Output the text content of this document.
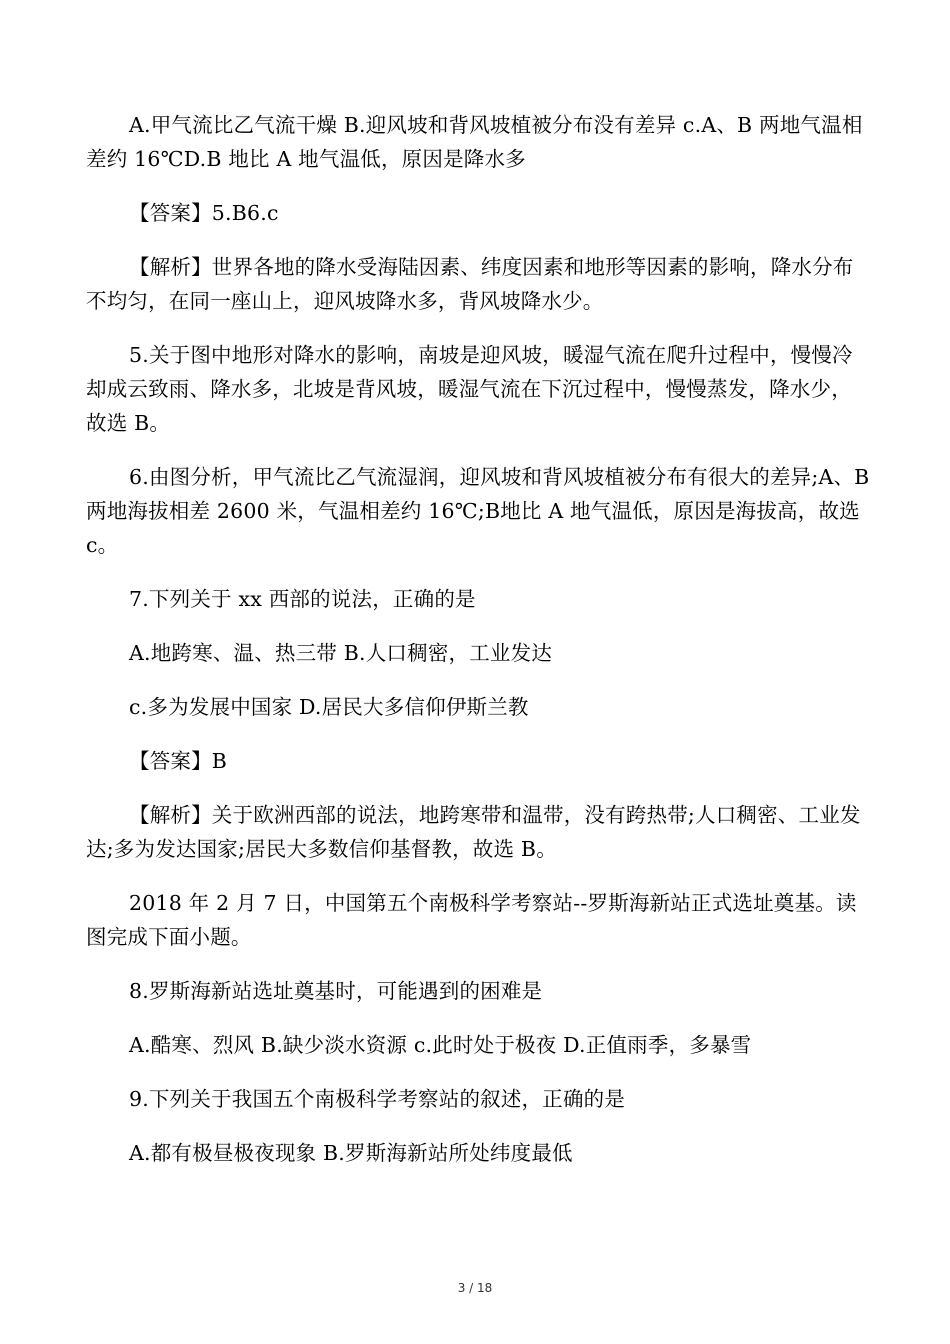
A.甲气流比乙气流干燥 B.迎风坡和背风坡植被分布没有差异 c.A、B 两地气温相差约 16℃D.B 地比 A 地气温低，原因是降水多

【答案】5.B6.c

【解析】世界各地的降水受海陆因素、纬度因素和地形等因素的影响，降水分布不均匀，在同一座山上，迎风坡降水多，背风坡降水少。

5.关于图中地形对降水的影响，南坡是迎风坡，暖湿气流在爬升过程中，慢慢冷却成云致雨、降水多，北坡是背风坡，暖湿气流在下沉过程中，慢慢蒸发，降水少，故选 B。

6.由图分析，甲气流比乙气流湿润，迎风坡和背风坡植被分布有很大的差异;A、B 两地海拔相差 2600 米，气温相差约 16℃;B地比 A 地气温低，原因是海拔高，故选 c。

7.下列关于 xx 西部的说法，正确的是

A.地跨寒、温、热三带 B.人口稠密，工业发达

c.多为发展中国家 D.居民大多信仰伊斯兰教

【答案】B

【解析】关于欧洲西部的说法，地跨寒带和温带，没有跨热带;人口稠密、工业发达;多为发达国家;居民大多数信仰基督教，故选 B。

2018 年 2 月 7 日，中国第五个南极科学考察站--罗斯海新站正式选址奠基。读图完成下面小题。

8.罗斯海新站选址奠基时，可能遇到的困难是

A.酷寒、烈风 B.缺少淡水资源 c.此时处于极夜 D.正值雨季，多暴雪

9.下列关于我国五个南极科学考察站的叙述，正确的是

A.都有极昼极夜现象 B.罗斯海新站所处纬度最低

3 / 18
